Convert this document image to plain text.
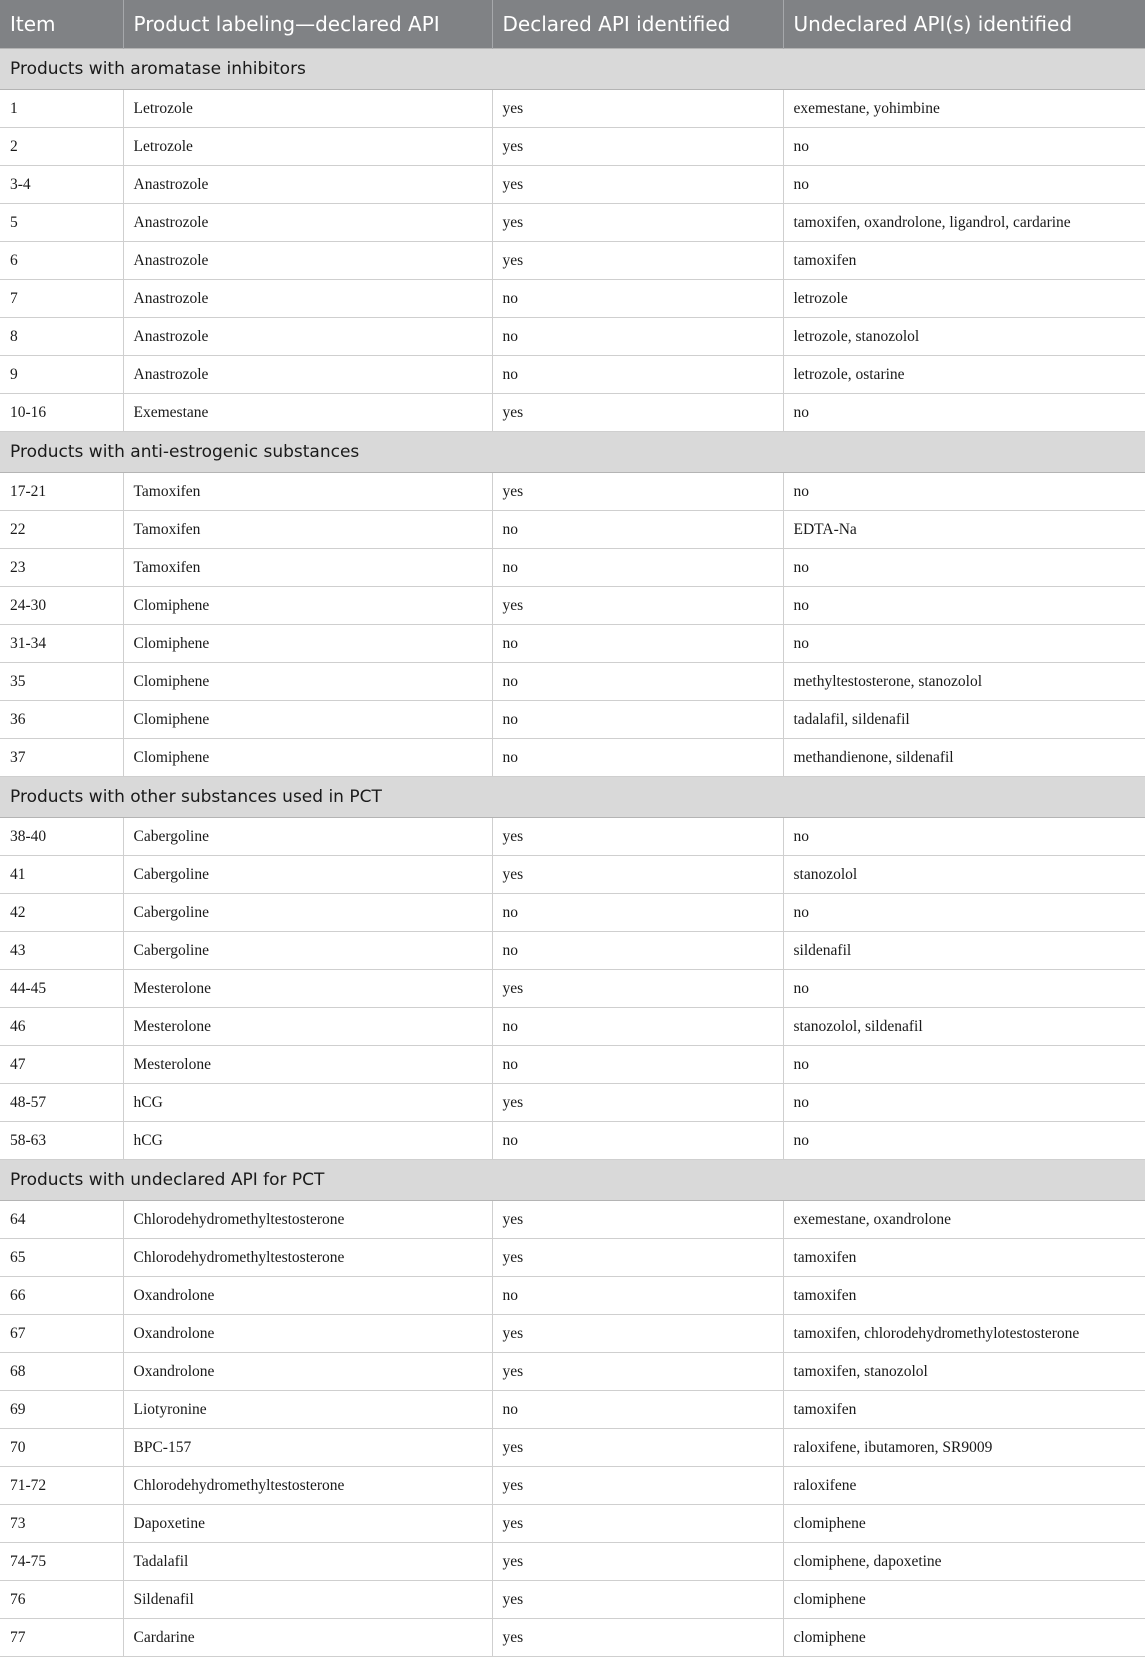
Item	Product labeling—declared API	Declared API identified	Undeclared API(s) identified
Products with aromatase inhibitors			
1	Letrozole	yes	exemestane, yohimbine
2	Letrozole	yes	no
3-4	Anastrozole	yes	no
5	Anastrozole	yes	tamoxifen, oxandrolone, ligandrol, cardarine
6	Anastrozole	yes	tamoxifen
7	Anastrozole	no	letrozole
8	Anastrozole	no	letrozole, stanozolol
9	Anastrozole	no	letrozole, ostarine
10-16	Exemestane	yes	no
Products with anti-estrogenic substances			
17-21	Tamoxifen	yes	no
22	Tamoxifen	no	EDTA-Na
23	Tamoxifen	no	no
24-30	Clomiphene	yes	no
31-34	Clomiphene	no	no
35	Clomiphene	no	methyltestosterone, stanozolol
36	Clomiphene	no	tadalafil, sildenafil
37	Clomiphene	no	methandienone, sildenafil
Products with other substances used in PCT			
38-40	Cabergoline	yes	no
41	Cabergoline	yes	stanozolol
42	Cabergoline	no	no
43	Cabergoline	no	sildenafil
44-45	Mesterolone	yes	no
46	Mesterolone	no	stanozolol, sildenafil
47	Mesterolone	no	no
48-57	hCG	yes	no
58-63	hCG	no	no
Products with undeclared API for PCT			
64	Chlorodehydromethyltestosterone	yes	exemestane, oxandrolone
65	Chlorodehydromethyltestosterone	yes	tamoxifen
66	Oxandrolone	no	tamoxifen
67	Oxandrolone	yes	tamoxifen, chlorodehydromethylotestosterone
68	Oxandrolone	yes	tamoxifen, stanozolol
69	Liotyronine	no	tamoxifen
70	BPC-157	yes	raloxifene, ibutamoren, SR9009
71-72	Chlorodehydromethyltestosterone	yes	raloxifene
73	Dapoxetine	yes	clomiphene
74-75	Tadalafil	yes	clomiphene, dapoxetine
76	Sildenafil	yes	clomiphene
77	Cardarine	yes	clomiphene
